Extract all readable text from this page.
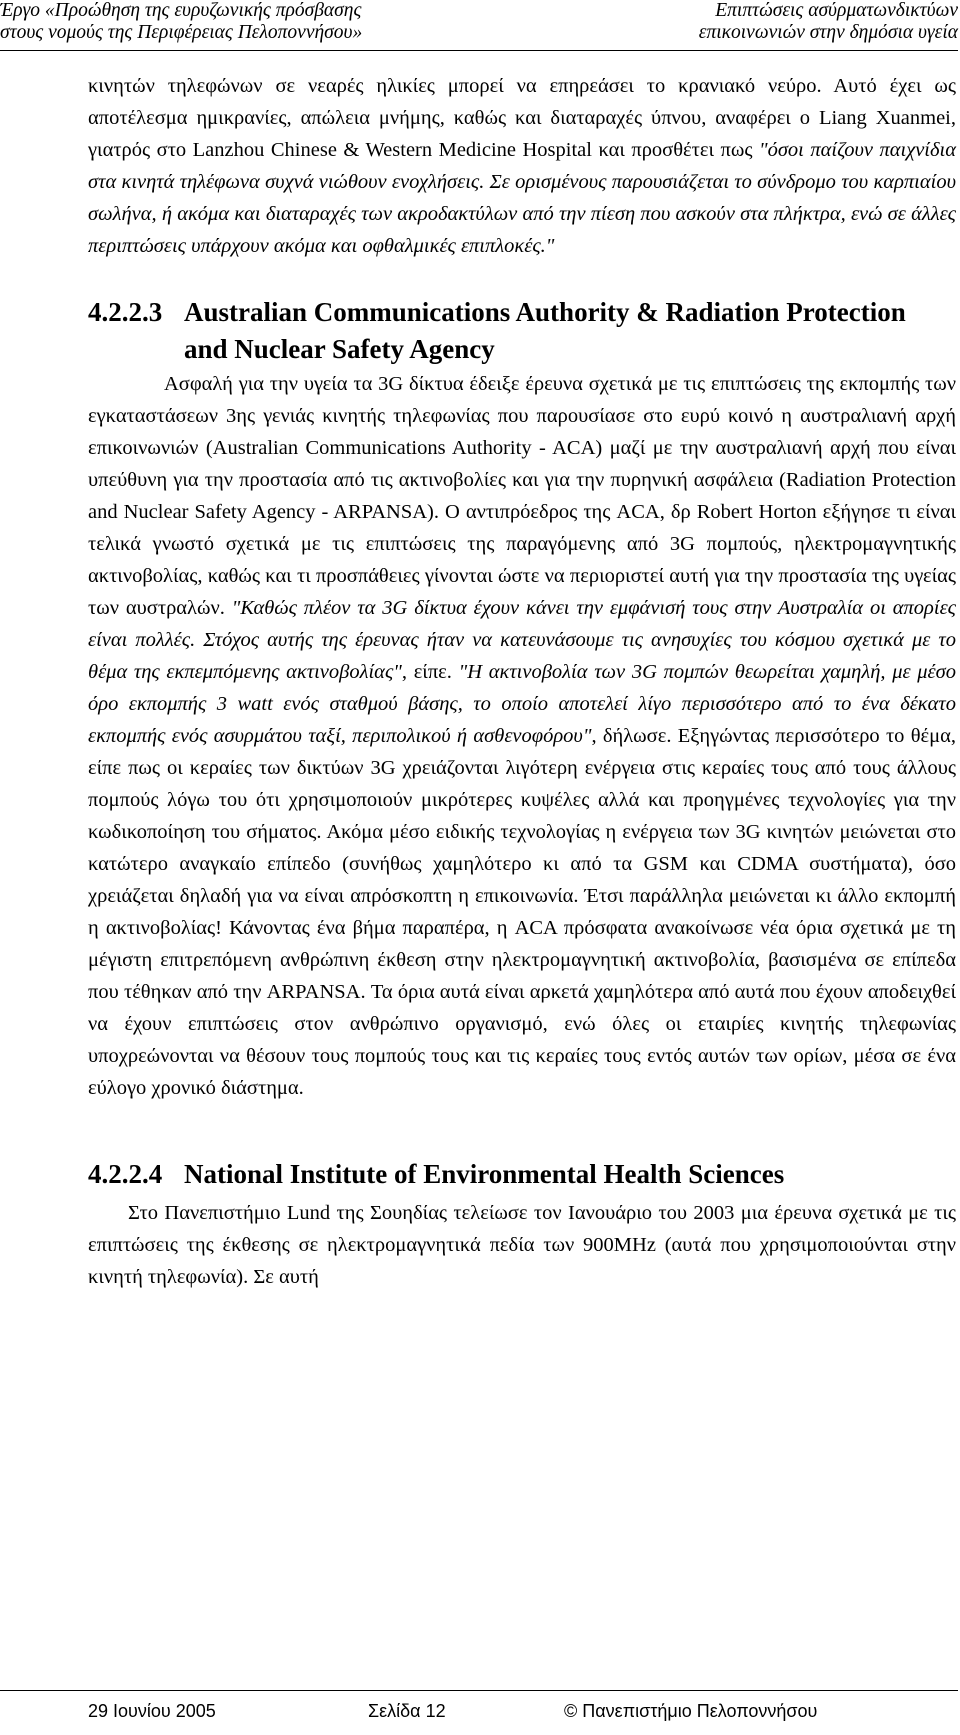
Έργο «Προώθηση της ευρυζωνικής πρόσβασης
στους νομούς της Περιφέρειας Πελοποννήσου»
Επιπτώσεις ασύρματωνδικτύων
επικοινωνιών στην δημόσια υγεία

κινητών τηλεφώνων σε νεαρές ηλικίες μπορεί να επηρεάσει το κρανιακό νεύρο. Αυτό έχει ως αποτέλεσμα ημικρανίες, απώλεια μνήμης, καθώς και διαταραχές ύπνου, αναφέρει ο Liang Xuanmei, γιατρός στο Lanzhou Chinese & Western Medicine Hospital και προσθέτει πως "όσοι παίζουν παιχνίδια στα κινητά τηλέφωνα συχνά νιώθουν ενοχλήσεις. Σε ορισμένους παρουσιάζεται το σύνδρομο του καρπιαίου σωλήνα, ή ακόμα και διαταραχές των ακροδακτύλων από την πίεση που ασκούν στα πλήκτρα, ενώ σε άλλες περιπτώσεις υπάρχουν ακόμα και οφθαλμικές επιπλοκές."

4.2.2.3 Australian Communications Authority & Radiation Protection and Nuclear Safety Agency

Ασφαλή για την υγεία τα 3G δίκτυα έδειξε έρευνα σχετικά με τις επιπτώσεις της εκπομπής των εγκαταστάσεων 3ης γενιάς κινητής τηλεφωνίας που παρουσίασε στο ευρύ κοινό η αυστραλιανή αρχή επικοινωνιών (Australian Communications Authority - ACA) μαζί με την αυστραλιανή αρχή που είναι υπεύθυνη για την προστασία από τις ακτινοβολίες και για την πυρηνική ασφάλεια (Radiation Protection and Nuclear Safety Agency - ARPANSA). Ο αντιπρόεδρος της ACA, δρ Robert Horton εξήγησε τι είναι τελικά γνωστό σχετικά με τις επιπτώσεις της παραγόμενης από 3G πομπούς, ηλεκτρομαγνητικής ακτινοβολίας, καθώς και τι προσπάθειες γίνονται ώστε να περιοριστεί αυτή για την προστασία της υγείας των αυστραλών. "Καθώς πλέον τα 3G δίκτυα έχουν κάνει την εμφάνισή τους στην Αυστραλία οι απορίες είναι πολλές. Στόχος αυτής της έρευνας ήταν να κατευνάσουμε τις ανησυχίες του κόσμου σχετικά με το θέμα της εκπεμπόμενης ακτινοβολίας", είπε. "Η ακτινοβολία των 3G πομπών θεωρείται χαμηλή, με μέσο όρο εκπομπής 3 watt ενός σταθμού βάσης, το οποίο αποτελεί λίγο περισσότερο από το ένα δέκατο εκπομπής ενός ασυρμάτου ταξί, περιπολικού ή ασθενοφόρου", δήλωσε. Εξηγώντας περισσότερο το θέμα, είπε πως οι κεραίες των δικτύων 3G χρειάζονται λιγότερη ενέργεια στις κεραίες τους από τους άλλους πομπούς λόγω του ότι χρησιμοποιούν μικρότερες κυψέλες αλλά και προηγμένες τεχνολογίες για την κωδικοποίηση του σήματος. Ακόμα μέσο ειδικής τεχνολογίας η ενέργεια των 3G κινητών μειώνεται στο κατώτερο αναγκαίο επίπεδο (συνήθως χαμηλότερο κι από τα GSM και CDMA συστήματα), όσο χρειάζεται δηλαδή για να είναι απρόσκοπτη η επικοινωνία. Έτσι παράλληλα μειώνεται κι άλλο εκπομπή η ακτινοβολίας! Κάνοντας ένα βήμα παραπέρα, η ACA πρόσφατα ανακοίνωσε νέα όρια σχετικά με τη μέγιστη επιτρεπόμενη ανθρώπινη έκθεση στην ηλεκτρομαγνητική ακτινοβολία, βασισμένα σε επίπεδα που τέθηκαν από την ARPANSA. Τα όρια αυτά είναι αρκετά χαμηλότερα από αυτά που έχουν αποδειχθεί να έχουν επιπτώσεις στον ανθρώπινο οργανισμό, ενώ όλες οι εταιρίες κινητής τηλεφωνίας υποχρεώνονται να θέσουν τους πομπούς τους και τις κεραίες τους εντός αυτών των ορίων, μέσα σε ένα εύλογο χρονικό διάστημα.

4.2.2.4 National Institute of Environmental Health Sciences

Στο Πανεπιστήμιο Lund της Σουηδίας τελείωσε τον Ιανουάριο του 2003 μια έρευνα σχετικά με τις επιπτώσεις της έκθεσης σε ηλεκτρομαγνητικά πεδία των 900MHz (αυτά που χρησιμοποιούνται στην κινητή τηλεφωνία). Σε αυτή

29 Ιουνίου 2005	Σελίδα 12	© Πανεπιστήμιο Πελοποννήσου
